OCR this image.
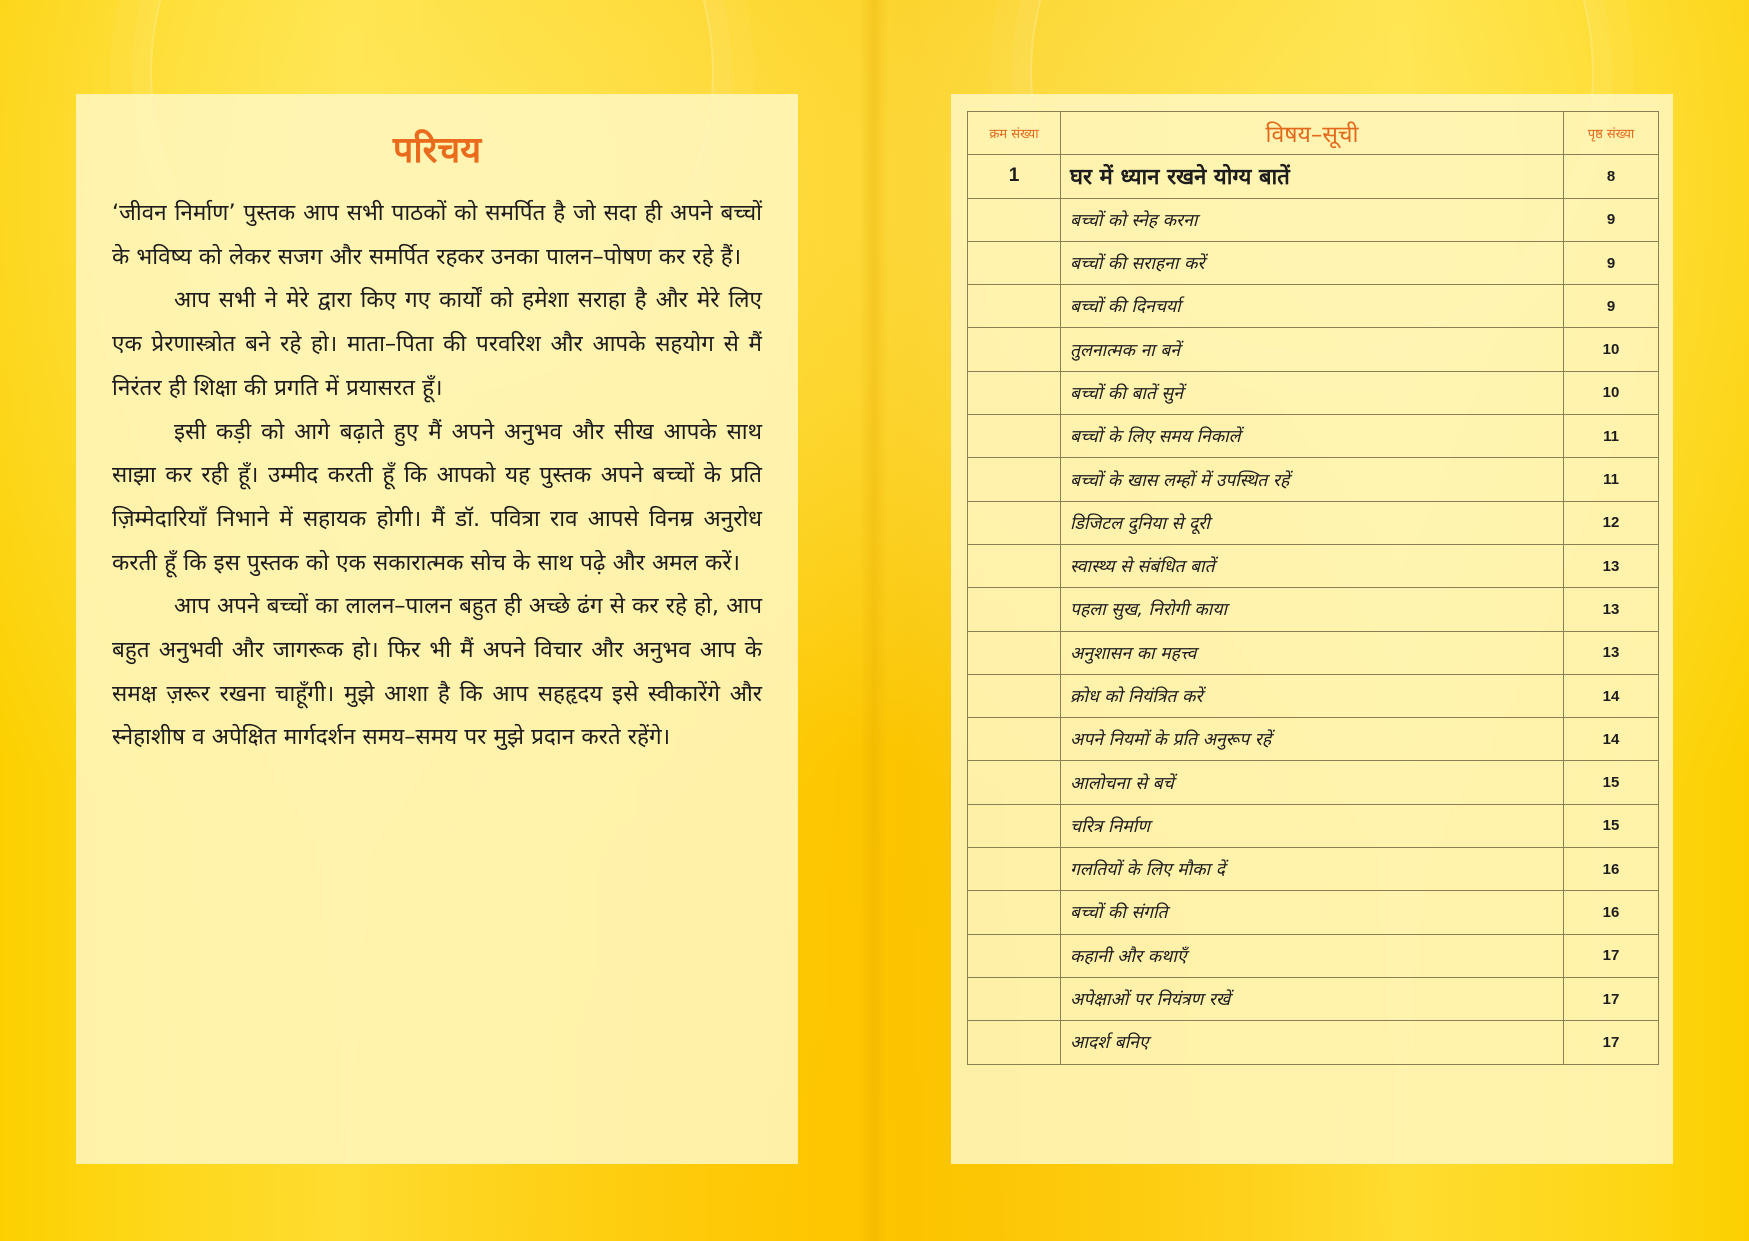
परिचय

‘जीवन निर्माण’ पुस्तक आप सभी पाठकों को समर्पित है जो सदा ही अपने बच्चों के भविष्य को लेकर सजग और समर्पित रहकर उनका पालन–पोषण कर रहे हैं।

आप सभी ने मेरे द्वारा किए गए कार्यों को हमेशा सराहा है और मेरे लिए एक प्रेरणास्त्रोत बने रहे हो। माता–पिता की परवरिश और आपके सहयोग से मैं निरंतर ही शिक्षा की प्रगति में प्रयासरत हूँ।

इसी कड़ी को आगे बढ़ाते हुए मैं अपने अनुभव और सीख आपके साथ साझा कर रही हूँ। उम्मीद करती हूँ कि आपको यह पुस्तक अपने बच्चों के प्रति ज़िम्मेदारियाँ निभाने में सहायक होगी। मैं डॉ. पवित्रा राव आपसे विनम्र अनुरोध करती हूँ कि इस पुस्तक को एक सकारात्मक सोच के साथ पढ़े और अमल करें।

आप अपने बच्चों का लालन–पालन बहुत ही अच्छे ढंग से कर रहे हो, आप बहुत अनुभवी और जागरूक हो। फिर भी मैं अपने विचार और अनुभव आप के समक्ष ज़रूर रखना चाहूँगी। मुझे आशा है कि आप सहहृदय इसे स्वीकारेंगे और स्नेहाशीष व अपेक्षित मार्गदर्शन समय–समय पर मुझे प्रदान करते रहेंगे।

क्रम संख्या	विषय–सूची	पृष्ठ संख्या
1	घर में ध्यान रखने योग्य बातें	8
	बच्चों को स्नेह करना	9
	बच्चों की सराहना करें	9
	बच्चों की दिनचर्या	9
	तुलनात्मक ना बनें	10
	बच्चों की बातें सुनें	10
	बच्चों के लिए समय निकालें	11
	बच्चों के खास लम्हों में उपस्थित रहें	11
	डिजिटल दुनिया से दूरी	12
	स्वास्थ्य से संबंधित बातें	13
	पहला सुख, निरोगी काया	13
	अनुशासन का महत्त्व	13
	क्रोध को नियंत्रित करें	14
	अपने नियमों के प्रति अनुरूप रहें	14
	आलोचना से बचें	15
	चरित्र निर्माण	15
	गलतियों के लिए मौका दें	16
	बच्चों की संगति	16
	कहानी और कथाएँ	17
	अपेक्षाओं पर नियंत्रण रखें	17
	आदर्श बनिए	17
